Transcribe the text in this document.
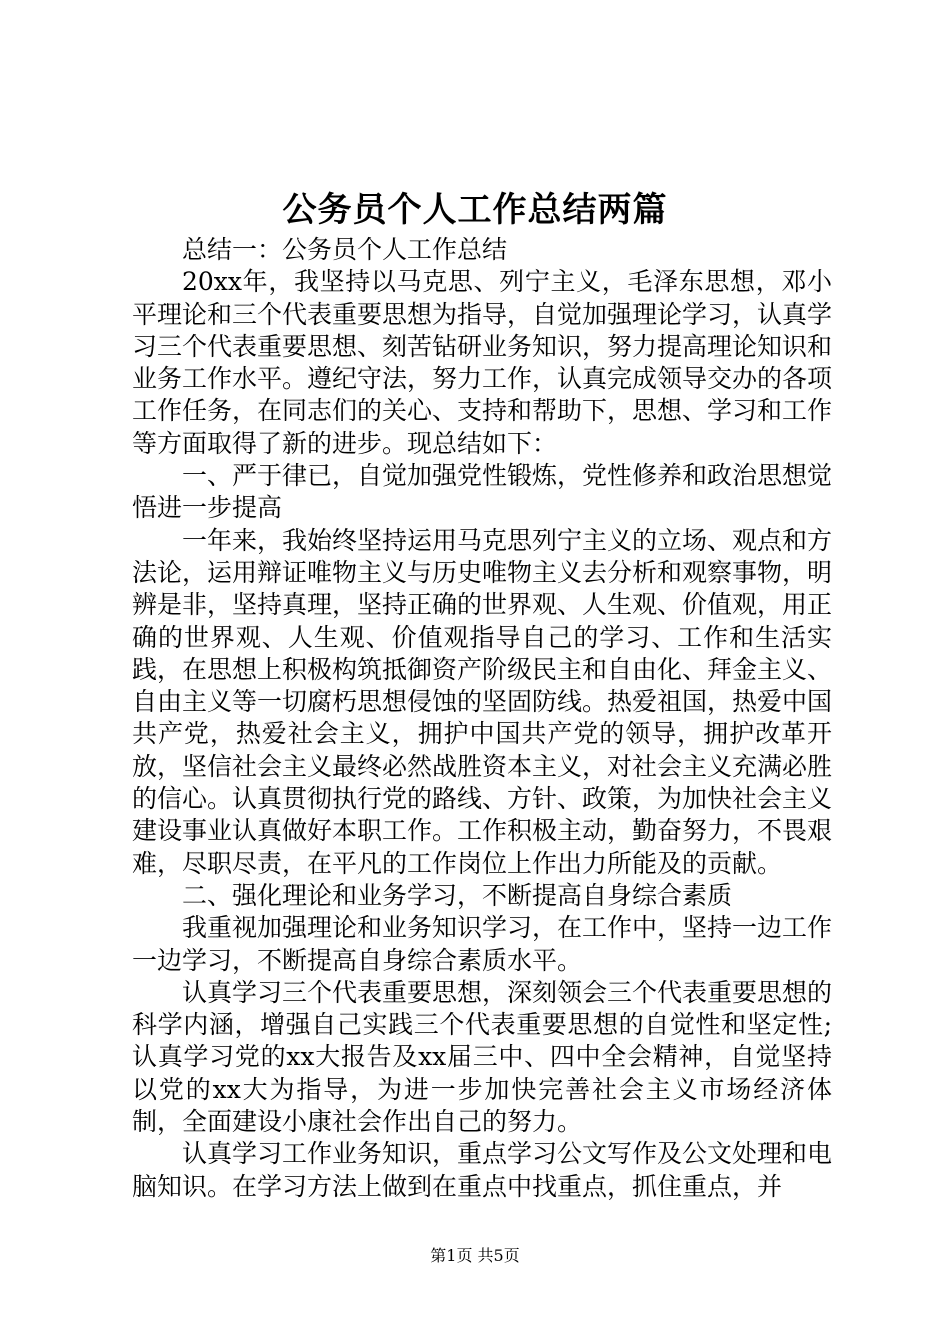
公务员个人工作总结两篇

总结一：公务员个人工作总结

20xx年，我坚持以马克思、列宁主义，毛泽东思想，邓小平理论和三个代表重要思想为指导，自觉加强理论学习，认真学习三个代表重要思想、刻苦钻研业务知识，努力提高理论知识和业务工作水平。遵纪守法，努力工作，认真完成领导交办的各项工作任务，在同志们的关心、支持和帮助下，思想、学习和工作等方面取得了新的进步。现总结如下：

一、严于律已，自觉加强党性锻炼，党性修养和政治思想觉悟进一步提高

一年来，我始终坚持运用马克思列宁主义的立场、观点和方法论，运用辩证唯物主义与历史唯物主义去分析和观察事物，明辨是非，坚持真理，坚持正确的世界观、人生观、价值观，用正确的世界观、人生观、价值观指导自己的学习、工作和生活实践，在思想上积极构筑抵御资产阶级民主和自由化、拜金主义、自由主义等一切腐朽思想侵蚀的坚固防线。热爱祖国，热爱中国共产党，热爱社会主义，拥护中国共产党的领导，拥护改革开放，坚信社会主义最终必然战胜资本主义，对社会主义充满必胜的信心。认真贯彻执行党的路线、方针、政策，为加快社会主义建设事业认真做好本职工作。工作积极主动，勤奋努力，不畏艰难，尽职尽责，在平凡的工作岗位上作出力所能及的贡献。

二、强化理论和业务学习，不断提高自身综合素质

我重视加强理论和业务知识学习，在工作中，坚持一边工作一边学习，不断提高自身综合素质水平。

认真学习三个代表重要思想，深刻领会三个代表重要思想的科学内涵，增强自己实践三个代表重要思想的自觉性和坚定性;认真学习党的xx大报告及xx届三中、四中全会精神，自觉坚持以党的xx大为指导，为进一步加快完善社会主义市场经济体制，全面建设小康社会作出自己的努力。

认真学习工作业务知识，重点学习公文写作及公文处理和电脑知识。在学习方法上做到在重点中找重点，抓住重点，并

第1页 共5页
